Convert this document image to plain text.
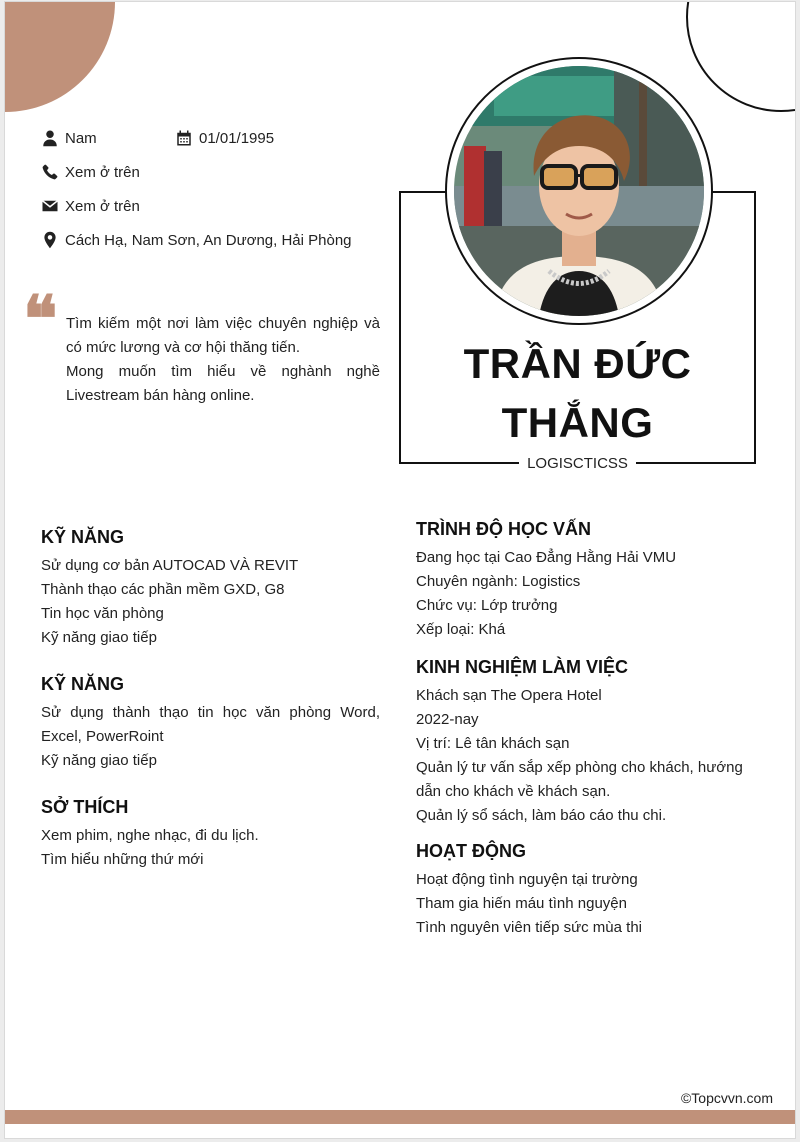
Nam	01/01/1995
Xem ở trên
Xem ở trên
Cách Hạ, Nam Sơn, An Dương, Hải Phòng
❝ Tìm kiếm một nơi làm việc chuyên nghiệp và có mức lương và cơ hội thăng tiến.

Mong muốn tìm hiểu về nghành nghề Livestream bán hàng online.

TRẦN ĐỨC
THẮNG
LOGISCTICSS
KỸ NĂNG
Sử dụng cơ bản AUTOCAD VÀ REVIT
Thành thạo các phần mềm GXD, G8
Tin học văn phòng
Kỹ năng giao tiếp
KỸ NĂNG
Sử dụng thành thạo tin học văn phòng Word, Excel, PowerRoint
Kỹ năng giao tiếp
SỞ THÍCH
Xem phim, nghe nhạc, đi du lịch.
Tìm hiểu những thứ mới
TRÌNH ĐỘ HỌC VẤN
Đang học tại Cao Đẳng Hằng Hải VMU
Chuyên ngành: Logistics
Chức vụ: Lớp trưởng
Xếp loại: Khá
KINH NGHIỆM LÀM VIỆC
Khách sạn The Opera Hotel
2022-nay
Vị trí: Lê tân khách sạn
Quản lý tư vấn sắp xếp phòng cho khách, hướng dẫn cho khách về khách sạn.
Quản lý sổ sách, làm báo cáo thu chi.
HOẠT ĐỘNG
Hoạt động tình nguyện tại trường
Tham gia hiến máu tình nguyện
Tình nguyên viên tiếp sức mùa thi
©Topcvvn.com
